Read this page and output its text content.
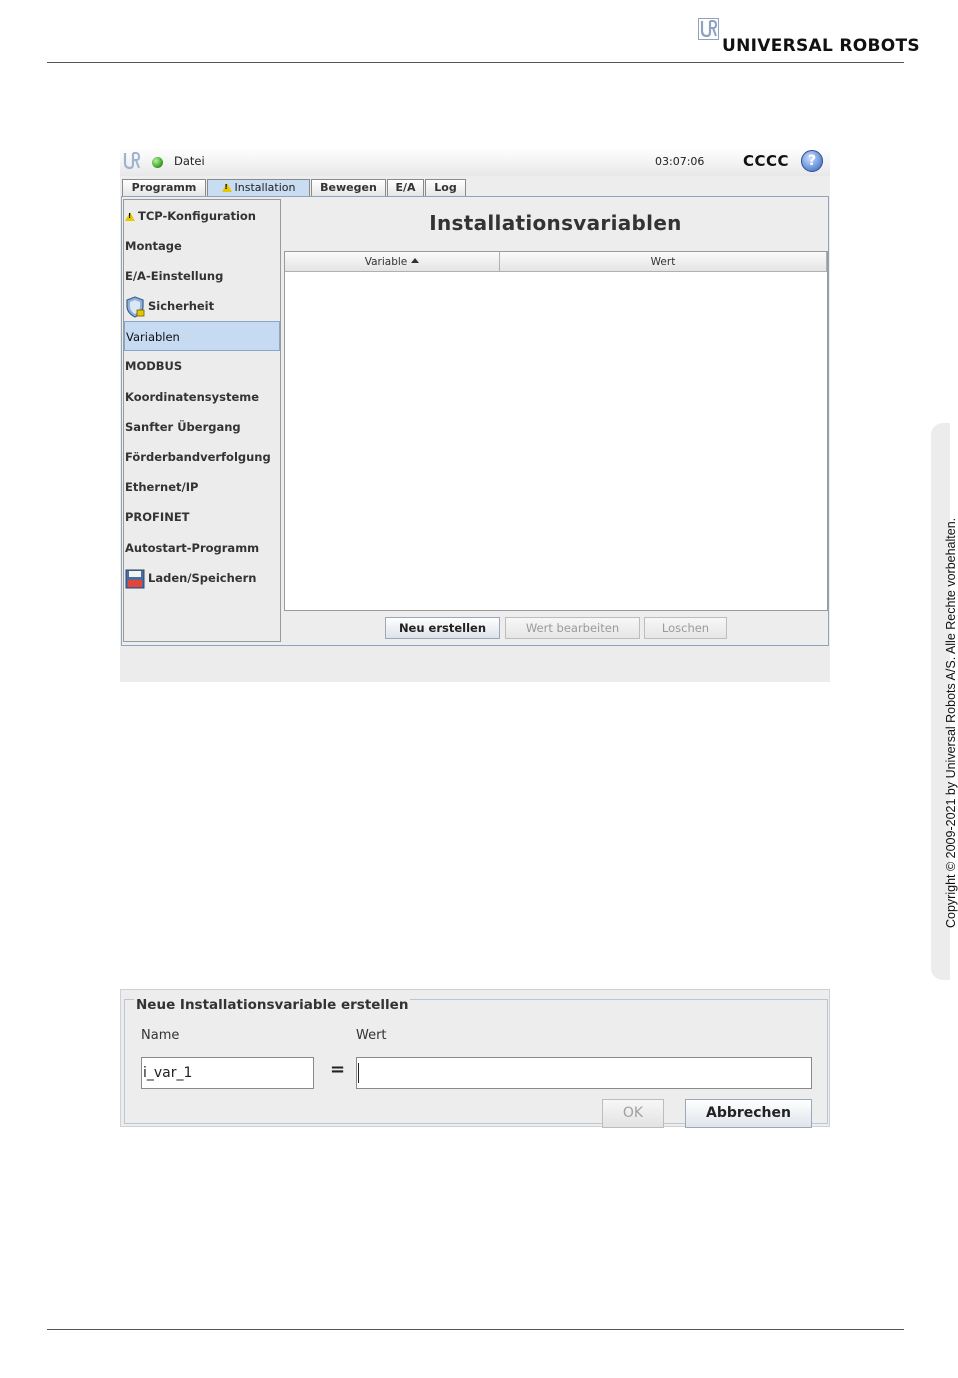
UNIVERSAL ROBOTS
Copyright © 2009-2021 by Universal Robots A/S. Alle Rechte vorbehalten.
Datei	03:07:06	CCCC	?
Programm
!	Installation	Bewegen	E/A	Log
!TCP-Konfiguration
Montage
E/A-Einstellung
Sicherheit
Variablen
MODBUS
Koordinatensysteme
Sanfter Übergang
Förderbandverfolgung
Ethernet/IP
PROFINET
Autostart-Programm
Laden/Speichern
Installationsvariablen
Variable	Wert
Neu erstellen	Wert bearbeiten	Loschen
Neue Installationsvariable erstellen
Name	Wert
i_var_1	=
OK	Abbrechen
